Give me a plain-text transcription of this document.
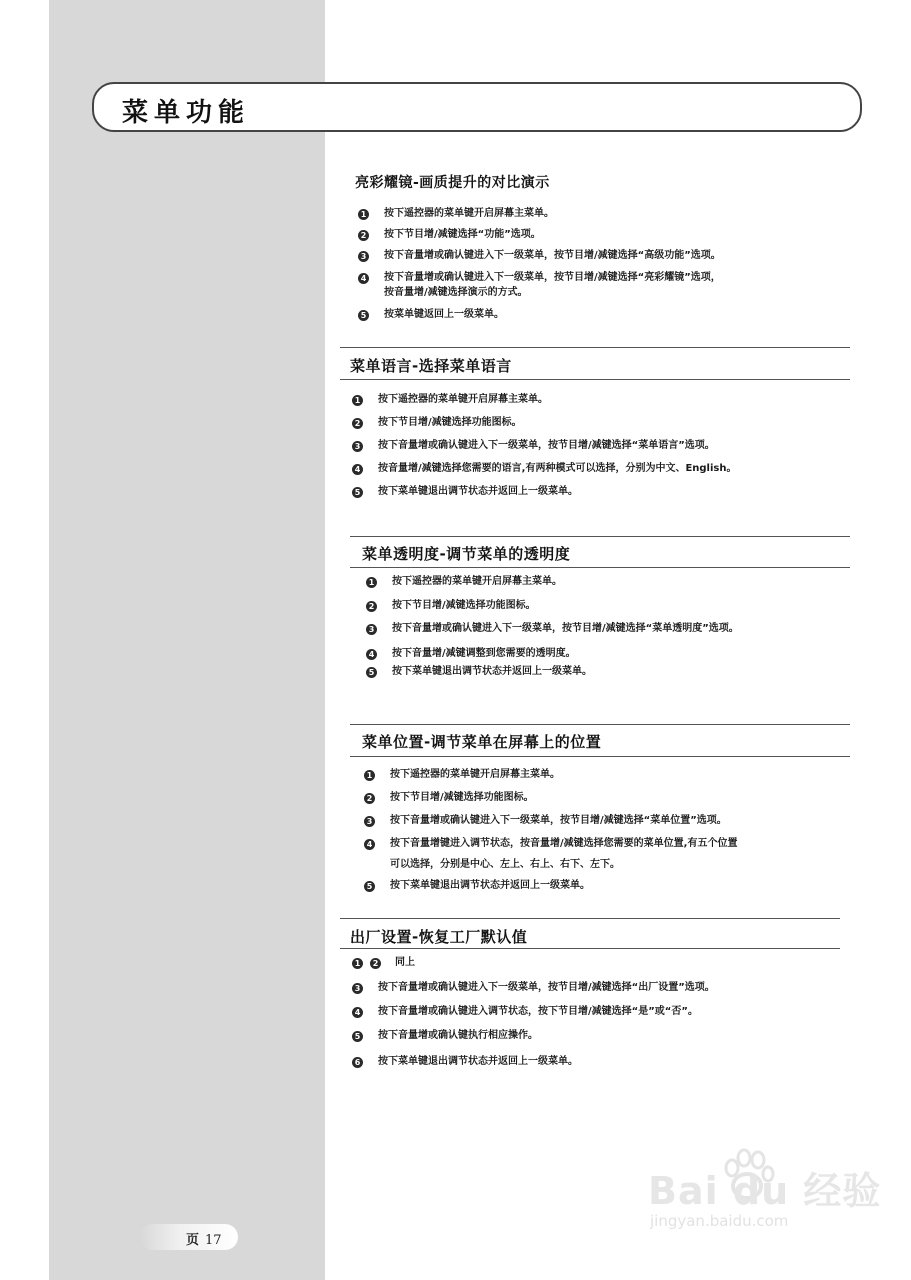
菜单功能
亮彩耀镜-画质提升的对比演示
1 按下遥控器的菜单键开启屏幕主菜单。
2 按下节目增/减键选择“功能”选项。
3 按下音量增或确认键进入下一级菜单，按节目增/减键选择“高级功能”选项。
4 按下音量增或确认键进入下一级菜单，按节目增/减键选择“亮彩耀镜”选项，
按音量增/减键选择演示的方式。
5 按菜单键返回上一级菜单。
菜单语言-选择菜单语言
1 按下遥控器的菜单键开启屏幕主菜单。
2 按下节目增/减键选择功能图标。
3 按下音量增或确认键进入下一级菜单，按节目增/减键选择“菜单语言”选项。
4 按音量增/减键选择您需要的语言,有两种模式可以选择，分别为中文、English。
5 按下菜单键退出调节状态并返回上一级菜单。
菜单透明度-调节菜单的透明度
1 按下遥控器的菜单键开启屏幕主菜单。
2 按下节目增/减键选择功能图标。
3 按下音量增或确认键进入下一级菜单，按节目增/减键选择“菜单透明度”选项。
4 按下音量增/减键调整到您需要的透明度。
5 按下菜单键退出调节状态并返回上一级菜单。
菜单位置-调节菜单在屏幕上的位置
1 按下遥控器的菜单键开启屏幕主菜单。
2 按下节目增/减键选择功能图标。
3 按下音量增或确认键进入下一级菜单，按节目增/减键选择“菜单位置”选项。
4 按下音量增键进入调节状态，按音量增/减键选择您需要的菜单位置,有五个位置
可以选择，分别是中心、左上、右上、右下、左下。
5 按下菜单键退出调节状态并返回上一级菜单。
出厂设置-恢复工厂默认值
1	2 同上
3 按下音量增或确认键进入下一级菜单，按节目增/减键选择“出厂设置”选项。
4 按下音量增或确认键进入调节状态，按下节目增/减键选择“是”或“否”。
5 按下音量增或确认键执行相应操作。
6 按下菜单键退出调节状态并返回上一级菜单。
页 17
Bai du 经验
jingyan.baidu.com
